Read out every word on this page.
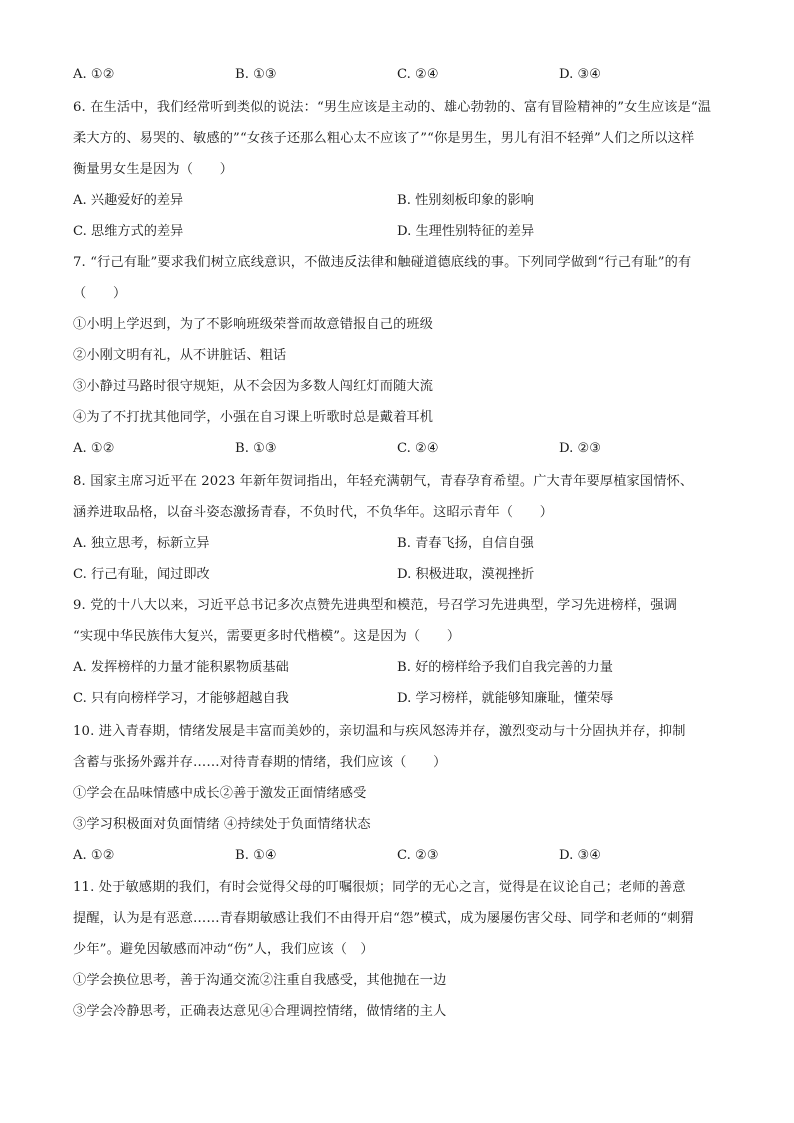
A. ①②	B. ①③	C. ②④	D. ③④
6. 在生活中，我们经常听到类似的说法：“男生应该是主动的、雄心勃勃的、富有冒险精神的”女生应该是“温
柔大方的、易哭的、敏感的”“女孩子还那么粗心太不应该了”“你是男生，男儿有泪不轻弹”人们之所以这样
衡量男女生是因为（　　）
A. 兴趣爱好的差异	B. 性别刻板印象的影响
C. 思维方式的差异	D. 生理性别特征的差异
7. “行己有耻”要求我们树立底线意识，不做违反法律和触碰道德底线的事。下列同学做到“行己有耻”的有
（　　）
①小明上学迟到，为了不影响班级荣誉而故意错报自己的班级
②小刚文明有礼，从不讲脏话、粗话
③小静过马路时很守规矩，从不会因为多数人闯红灯而随大流
④为了不打扰其他同学，小强在自习课上听歌时总是戴着耳机
A. ①②	B. ①③	C. ②④	D. ②③
8. 国家主席习近平在 2023 年新年贺词指出，年轻充满朝气，青春孕育希望。广大青年要厚植家国情怀、
涵养进取品格，以奋斗姿态激扬青春，不负时代，不负华年。这昭示青年（　　）
A. 独立思考，标新立异	B. 青春飞扬，自信自强
C. 行己有耻，闻过即改	D. 积极进取，漠视挫折
9. 党的十八大以来，习近平总书记多次点赞先进典型和模范，号召学习先进典型，学习先进榜样，强调
“实现中华民族伟大复兴，需要更多时代楷模”。这是因为（　　）
A. 发挥榜样的力量才能积累物质基础	B. 好的榜样给予我们自我完善的力量
C. 只有向榜样学习，才能够超越自我	D. 学习榜样，就能够知廉耻，懂荣辱
10. 进入青春期，情绪发展是丰富而美妙的，亲切温和与疾风怒涛并存，激烈变动与十分固执并存，抑制
含蓄与张扬外露并存……对待青春期的情绪，我们应该（　　）
①学会在品味情感中成长②善于激发正面情绪感受
③学习积极面对负面情绪 ④持续处于负面情绪状态
A. ①②	B. ①④	C. ②③	D. ③④
11. 处于敏感期的我们，有时会觉得父母的叮嘱很烦；同学的无心之言，觉得是在议论自己；老师的善意
提醒，认为是有恶意……青春期敏感让我们不由得开启“怨”模式，成为屡屡伤害父母、同学和老师的“刺猬
少年”。避免因敏感而冲动“伤”人，我们应该（　）
①学会换位思考，善于沟通交流②注重自我感受，其他抛在一边
③学会冷静思考，正确表达意见④合理调控情绪，做情绪的主人
